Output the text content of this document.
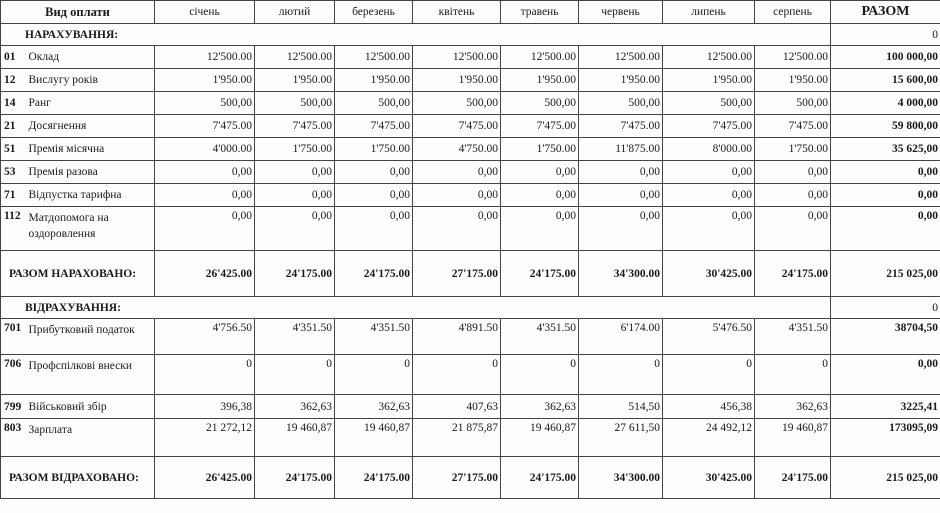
Вид оплати		січень	лютий	березень	квітень	травень	червень	липень	серпень	РАЗОМ
НАРАХУВАННЯ:										0
01	Оклад	12'500.00	12'500.00	12'500.00	12'500.00	12'500.00	12'500.00	12'500.00	12'500.00	100 000,00
12	Вислугу років	1'950.00	1'950.00	1'950.00	1'950.00	1'950.00	1'950.00	1'950.00	1'950.00	15 600,00
14	Ранг	500,00	500,00	500,00	500,00	500,00	500,00	500,00	500,00	4 000,00
21	Досягнення	7'475.00	7'475.00	7'475.00	7'475.00	7'475.00	7'475.00	7'475.00	7'475.00	59 800,00
51	Премія місячна	4'000.00	1'750.00	1'750.00	4'750.00	1'750.00	11'875.00	8'000.00	1'750.00	35 625,00
53	Премія разова	0,00	0,00	0,00	0,00	0,00	0,00	0,00	0,00	0,00
71	Відпустка тарифна	0,00	0,00	0,00	0,00	0,00	0,00	0,00	0,00	0,00
112	Матдопомога на оздоровлення	0,00	0,00	0,00	0,00	0,00	0,00	0,00	0,00	0,00
РАЗОМ НАРАХОВАНО:		26'425.00	24'175.00	24'175.00	27'175.00	24'175.00	34'300.00	30'425.00	24'175.00	215 025,00
ВІДРАХУВАННЯ:										0
701	Прибутковий податок	4'756.50	4'351.50	4'351.50	4'891.50	4'351.50	6'174.00	5'476.50	4'351.50	38704,50
706	Профспілкові внески	0	0	0	0	0	0	0	0	0,00
799	Військовий збір	396,38	362,63	362,63	407,63	362,63	514,50	456,38	362,63	3225,41
803	Зарплата	21 272,12	19 460,87	19 460,87	21 875,87	19 460,87	27 611,50	24 492,12	19 460,87	173095,09
РАЗОМ ВІДРАХОВАНО:		26'425.00	24'175.00	24'175.00	27'175.00	24'175.00	34'300.00	30'425.00	24'175.00	215 025,00
